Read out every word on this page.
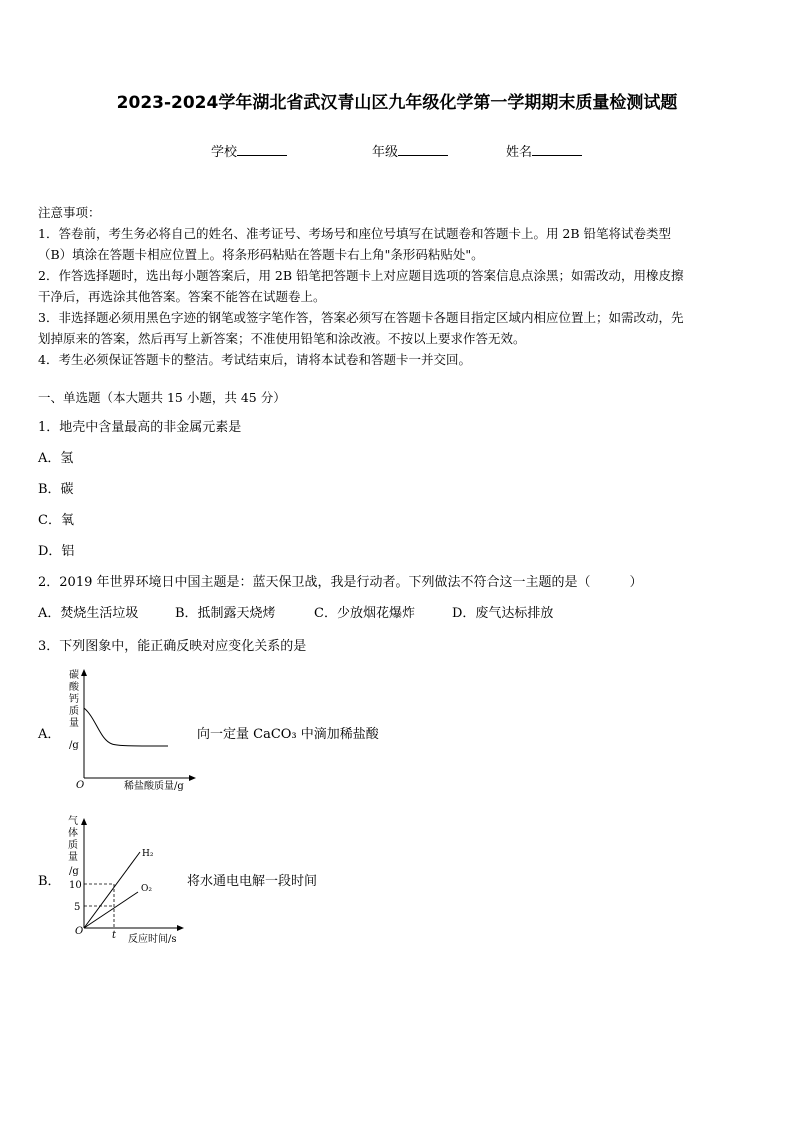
2023-2024学年湖北省武汉青山区九年级化学第一学期期末质量检测试题
学校	年级	姓名
注意事项：
1．答卷前，考生务必将自己的姓名、准考证号、考场号和座位号填写在试题卷和答题卡上。用 2B 铅笔将试卷类型
（B）填涂在答题卡相应位置上。将条形码粘贴在答题卡右上角"条形码粘贴处"。
2．作答选择题时，选出每小题答案后，用 2B 铅笔把答题卡上对应题目选项的答案信息点涂黑；如需改动，用橡皮擦
干净后，再选涂其他答案。答案不能答在试题卷上。
3．非选择题必须用黑色字迹的钢笔或签字笔作答，答案必须写在答题卡各题目指定区域内相应位置上；如需改动，先
划掉原来的答案，然后再写上新答案；不准使用铅笔和涂改液。不按以上要求作答无效。
4．考生必须保证答题卡的整洁。考试结束后，请将本试卷和答题卡一并交回。
一、单选题（本大题共 15 小题，共 45 分）
1．地壳中含量最高的非金属元素是
A．氢
B．碳
C．氧
D．铝
2．2019 年世界环境日中国主题是：蓝天保卫战，我是行动者。下列做法不符合这一主题的是（　　　）
A．焚烧生活垃圾	B．抵制露天烧烤	C．少放烟花爆炸	D．废气达标排放
3．下列图象中，能正确反映对应变化关系的是
A．
碳
酸
钙
质
量
/g
O	稀盐酸质量/g
向一定量 CaCO₃ 中滴加稀盐酸
B．
气
体
质
量
/g
H₂
O₂
10
5
O	t 反应时间/s
将水通电电解一段时间
